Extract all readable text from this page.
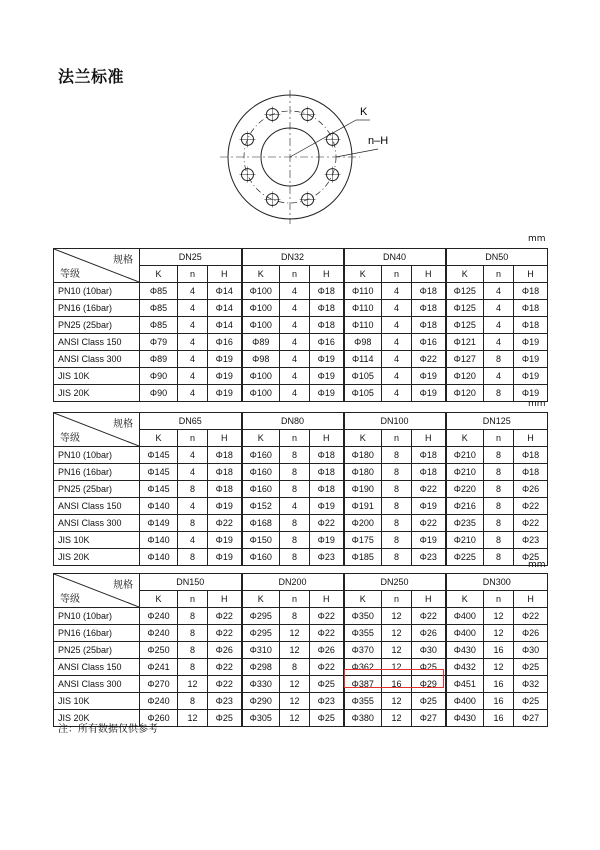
法兰标准
K
n–H
mm
规格
等级	DN25			DN32			DN40			DN50		
	K	n	H	K	n	H	K	n	H	K	n	H
PN10 (10bar)	Φ85	4	Φ14	Φ100	4	Φ18	Φ110	4	Φ18	Φ125	4	Φ18
PN16 (16bar)	Φ85	4	Φ14	Φ100	4	Φ18	Φ110	4	Φ18	Φ125	4	Φ18
PN25 (25bar)	Φ85	4	Φ14	Φ100	4	Φ18	Φ110	4	Φ18	Φ125	4	Φ18
ANSI Class 150	Φ79	4	Φ16	Φ89	4	Φ16	Φ98	4	Φ16	Φ121	4	Φ19
ANSI Class 300	Φ89	4	Φ19	Φ98	4	Φ19	Φ114	4	Φ22	Φ127	8	Φ19
JIS 10K	Φ90	4	Φ19	Φ100	4	Φ19	Φ105	4	Φ19	Φ120	4	Φ19
JIS 20K	Φ90	4	Φ19	Φ100	4	Φ19	Φ105	4	Φ19	Φ120	8	Φ19
mm
规格
等级	DN65			DN80			DN100			DN125		
	K	n	H	K	n	H	K	n	H	K	n	H
PN10 (10bar)	Φ145	4	Φ18	Φ160	8	Φ18	Φ180	8	Φ18	Φ210	8	Φ18
PN16 (16bar)	Φ145	4	Φ18	Φ160	8	Φ18	Φ180	8	Φ18	Φ210	8	Φ18
PN25 (25bar)	Φ145	8	Φ18	Φ160	8	Φ18	Φ190	8	Φ22	Φ220	8	Φ26
ANSI Class 150	Φ140	4	Φ19	Φ152	4	Φ19	Φ191	8	Φ19	Φ216	8	Φ22
ANSI Class 300	Φ149	8	Φ22	Φ168	8	Φ22	Φ200	8	Φ22	Φ235	8	Φ22
JIS 10K	Φ140	4	Φ19	Φ150	8	Φ19	Φ175	8	Φ19	Φ210	8	Φ23
JIS 20K	Φ140	8	Φ19	Φ160	8	Φ23	Φ185	8	Φ23	Φ225	8	Φ25
mm
规格
等级	DN150			DN200			DN250			DN300		
	K	n	H	K	n	H	K	n	H	K	n	H
PN10 (10bar)	Φ240	8	Φ22	Φ295	8	Φ22	Φ350	12	Φ22	Φ400	12	Φ22
PN16 (16bar)	Φ240	8	Φ22	Φ295	12	Φ22	Φ355	12	Φ26	Φ400	12	Φ26
PN25 (25bar)	Φ250	8	Φ26	Φ310	12	Φ26	Φ370	12	Φ30	Φ430	16	Φ30
ANSI Class 150	Φ241	8	Φ22	Φ298	8	Φ22	Φ362	12	Φ25	Φ432	12	Φ25
ANSI Class 300	Φ270	12	Φ22	Φ330	12	Φ25	Φ387	16	Φ29	Φ451	16	Φ32
JIS 10K	Φ240	8	Φ23	Φ290	12	Φ23	Φ355	12	Φ25	Φ400	16	Φ25
JIS 20K	Φ260	12	Φ25	Φ305	12	Φ25	Φ380	12	Φ27	Φ430	16	Φ27
注：所有数据仅供参考
